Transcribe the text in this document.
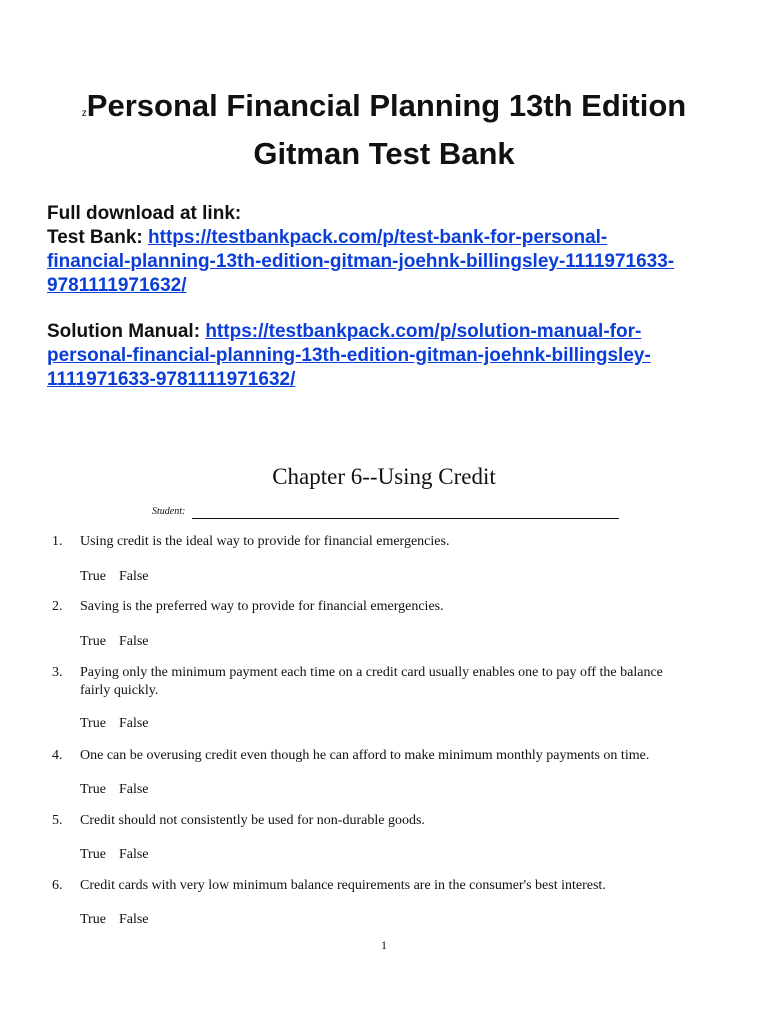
zPersonal Financial Planning 13th Edition
Gitman Test Bank
Full download at link:
Test Bank: https://testbankpack.com/p/test-bank-for-personal-
financial-planning-13th-edition-gitman-joehnk-billingsley-1111971633-
9781111971632/
Solution Manual: https://testbankpack.com/p/solution-manual-for-
personal-financial-planning-13th-edition-gitman-joehnk-billingsley-
1111971633-9781111971632/
Chapter 6--Using Credit
Student:
1.	Using credit is the ideal way to provide for financial emergencies.
True False
2.	Saving is the preferred way to provide for financial emergencies.
True False
3.	Paying only the minimum payment each time on a credit card usually enables one to pay off the balance
fairly quickly.
True False
4.	One can be overusing credit even though he can afford to make minimum monthly payments on time.
True False
5.	Credit should not consistently be used for non-durable goods.
True False
6.	Credit cards with very low minimum balance requirements are in the consumer's best interest.
True False
1
